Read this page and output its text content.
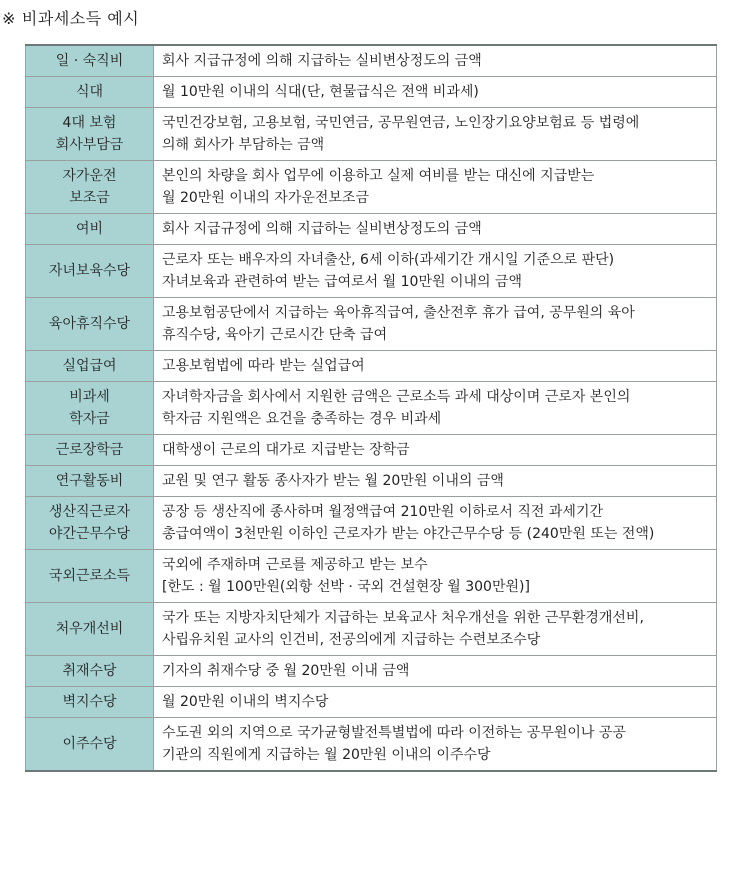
※ 비과세소득 예시
일 · 숙직비	회사 지급규정에 의해 지급하는 실비변상정도의 금액

식대	월 10만원 이내의 식대(단, 현물급식은 전액 비과세)

4대 보험
회사부담금	국민건강보험, 고용보험, 국민연금, 공무원연금, 노인장기요양보험료 등 법령에
의해 회사가 부담하는 금액

자가운전
보조금	본인의 차량을 회사 업무에 이용하고 실제 여비를 받는 대신에 지급받는
월 20만원 이내의 자가운전보조금

여비	회사 지급규정에 의해 지급하는 실비변상정도의 금액

자녀보육수당	근로자 또는 배우자의 자녀출산, 6세 이하(과세기간 개시일 기준으로 판단)
자녀보육과 관련하여 받는 급여로서 월 10만원 이내의 금액

육아휴직수당	고용보험공단에서 지급하는 육아휴직급여, 출산전후 휴가 급여, 공무원의 육아
휴직수당, 육아기 근로시간 단축 급여

실업급여	고용보험법에 따라 받는 실업급여

비과세
학자금	자녀학자금을 회사에서 지원한 금액은 근로소득 과세 대상이며 근로자 본인의
학자금 지원액은 요건을 충족하는 경우 비과세

근로장학금	대학생이 근로의 대가로 지급받는 장학금

연구활동비	교원 및 연구 활동 종사자가 받는 월 20만원 이내의 금액

생산직근로자
야간근무수당	공장 등 생산직에 종사하며 월정액급여 210만원 이하로서 직전 과세기간
총급여액이 3천만원 이하인 근로자가 받는 야간근무수당 등 (240만원 또는 전액)

국외근로소득	국외에 주재하며 근로를 제공하고 받는 보수
[한도 : 월 100만원(외항 선박 · 국외 건설현장 월 300만원)]

처우개선비	국가 또는 지방자치단체가 지급하는 보육교사 처우개선을 위한 근무환경개선비,
사립유치원 교사의 인건비, 전공의에게 지급하는 수련보조수당

취재수당	기자의 취재수당 중 월 20만원 이내 금액

벽지수당	월 20만원 이내의 벽지수당

이주수당	수도권 외의 지역으로 국가균형발전특별법에 따라 이전하는 공무원이나 공공
기관의 직원에게 지급하는 월 20만원 이내의 이주수당
